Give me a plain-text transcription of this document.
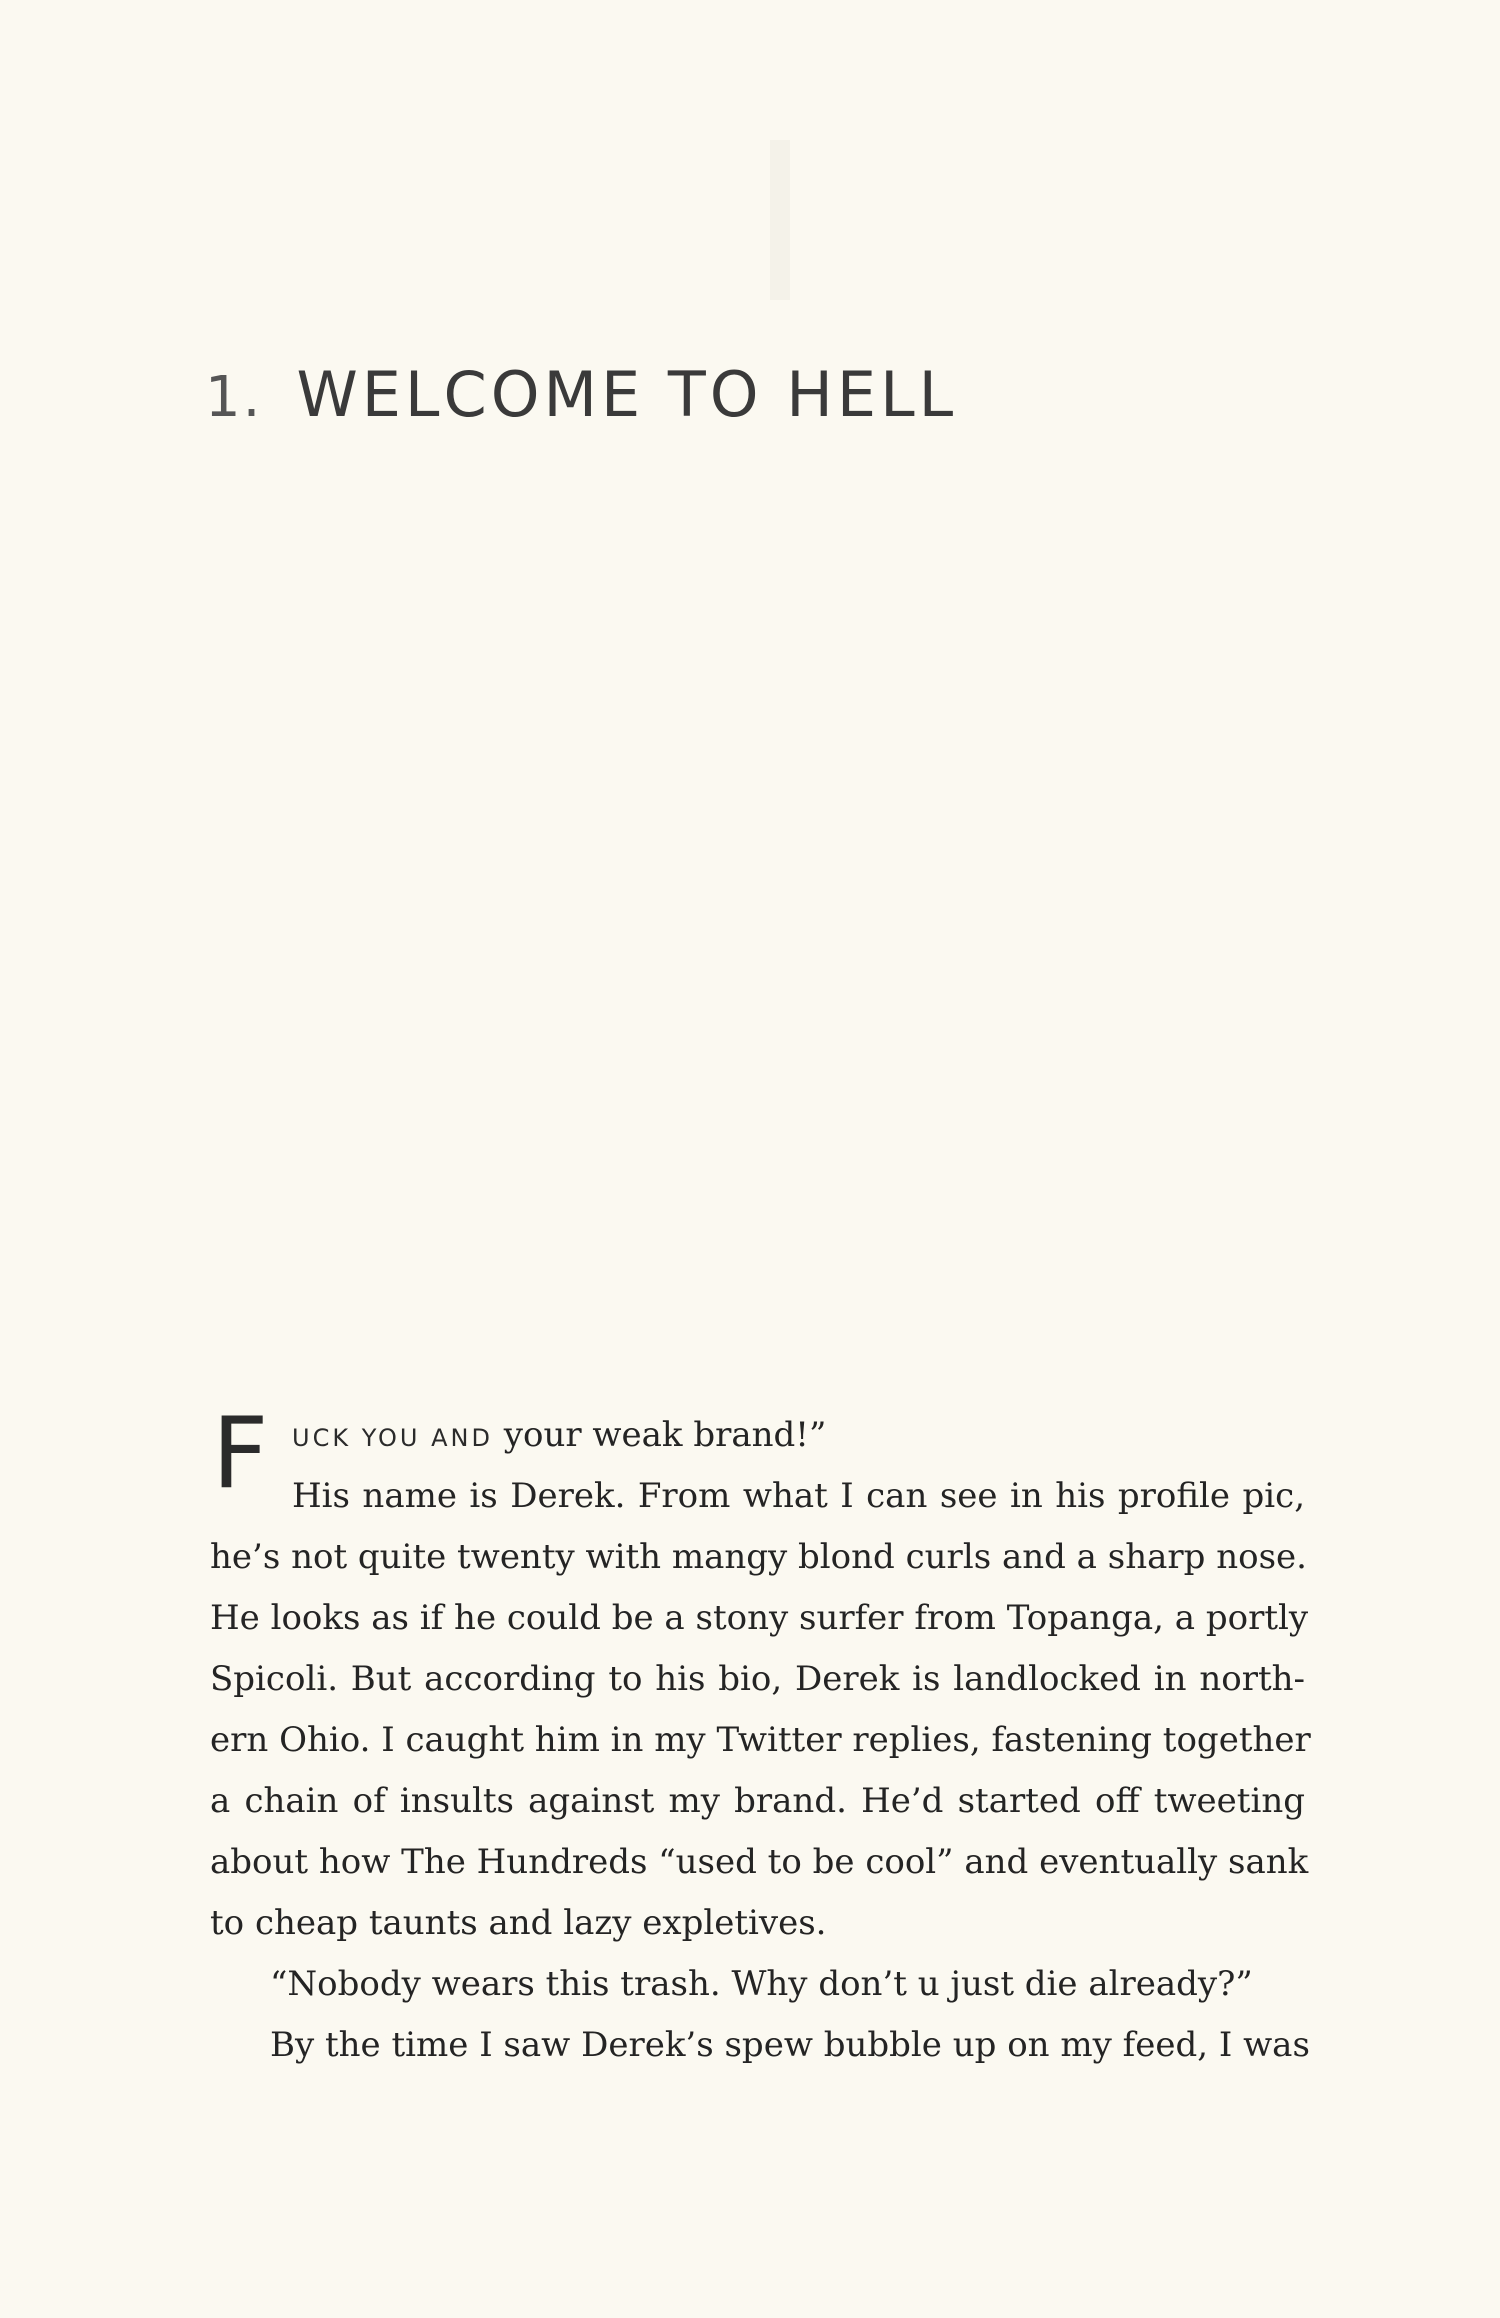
1. WELCOME TO HELL
F UCK YOU AND your weak brand!”
His name is Derek. From what I can see in his profile pic,
he’s not quite twenty with mangy blond curls and a sharp nose.
He looks as if he could be a stony surfer from Topanga, a portly
Spicoli. But according to his bio, Derek is landlocked in north-
ern Ohio. I caught him in my Twitter replies, fastening together
a chain of insults against my brand. He’d started off tweeting
about how The Hundreds “used to be cool” and eventually sank
to cheap taunts and lazy expletives.
“Nobody wears this trash. Why don’t u just die already?”
By the time I saw Derek’s spew bubble up on my feed, I was
